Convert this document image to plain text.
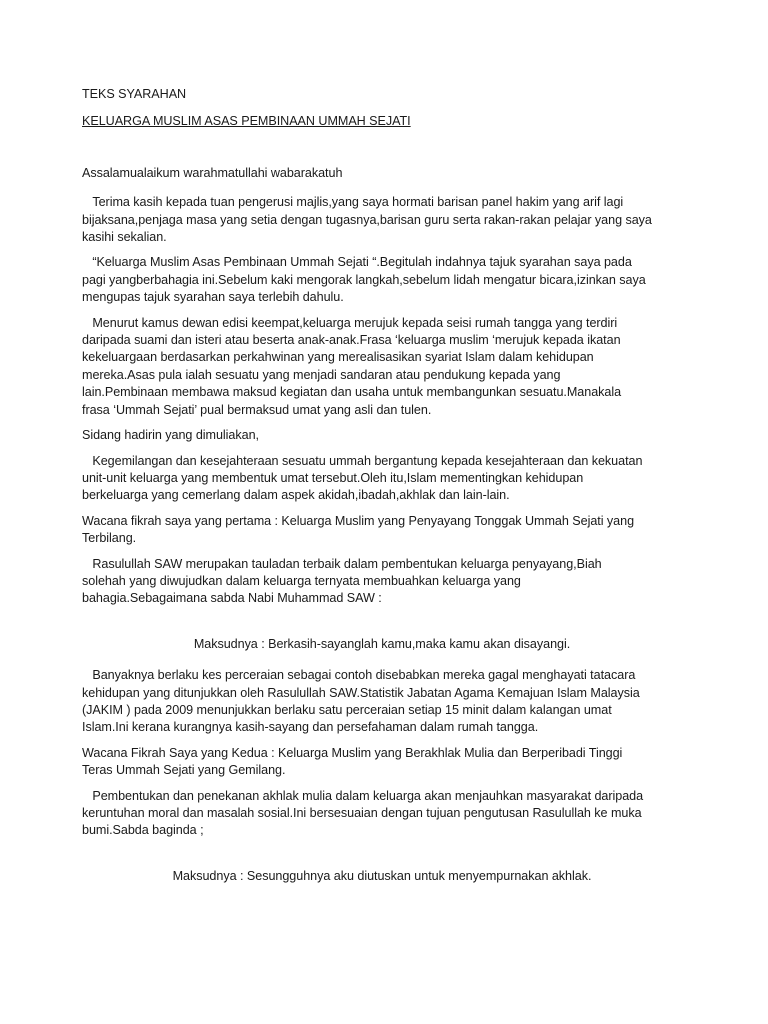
TEKS SYARAHAN

KELUARGA MUSLIM ASAS PEMBINAAN UMMAH SEJATI

Assalamualaikum warahmatullahi wabarakatuh

Terima kasih kepada tuan pengerusi majlis,yang saya hormati barisan panel hakim yang arif lagi
bijaksana,penjaga masa yang setia dengan tugasnya,barisan guru serta rakan-rakan pelajar yang saya
kasihi sekalian.

“Keluarga Muslim Asas Pembinaan Ummah Sejati “.Begitulah indahnya tajuk syarahan saya pada
pagi yangberbahagia ini.Sebelum kaki mengorak langkah,sebelum lidah mengatur bicara,izinkan saya
mengupas tajuk syarahan saya terlebih dahulu.

Menurut kamus dewan edisi keempat,keluarga merujuk kepada seisi rumah tangga yang terdiri
daripada suami dan isteri atau beserta anak-anak.Frasa ‘keluarga muslim ‘merujuk kepada ikatan
kekeluargaan berdasarkan perkahwinan yang merealisasikan syariat Islam dalam kehidupan
mereka.Asas pula ialah sesuatu yang menjadi sandaran atau pendukung kepada yang
lain.Pembinaan membawa maksud kegiatan dan usaha untuk membangunkan sesuatu.Manakala
frasa ‘Ummah Sejati’ pual bermaksud umat yang asli dan tulen.

Sidang hadirin yang dimuliakan,

Kegemilangan dan kesejahteraan sesuatu ummah bergantung kepada kesejahteraan dan kekuatan
unit-unit keluarga yang membentuk umat tersebut.Oleh itu,Islam mementingkan kehidupan
berkeluarga yang cemerlang dalam aspek akidah,ibadah,akhlak dan lain-lain.

Wacana fikrah saya yang pertama : Keluarga Muslim yang Penyayang Tonggak Ummah Sejati yang
Terbilang.

Rasulullah SAW merupakan tauladan terbaik dalam pembentukan keluarga penyayang,Biah
solehah yang diwujudkan dalam keluarga ternyata membuahkan keluarga yang
bahagia.Sebagaimana sabda Nabi Muhammad SAW :

Maksudnya : Berkasih-sayanglah kamu,maka kamu akan disayangi.

Banyaknya berlaku kes perceraian sebagai contoh disebabkan mereka gagal menghayati tatacara
kehidupan yang ditunjukkan oleh Rasulullah SAW.Statistik Jabatan Agama Kemajuan Islam Malaysia
(JAKIM ) pada 2009 menunjukkan berlaku satu perceraian setiap 15 minit dalam kalangan umat
Islam.Ini kerana kurangnya kasih-sayang dan persefahaman dalam rumah tangga.

Wacana Fikrah Saya yang Kedua : Keluarga Muslim yang Berakhlak Mulia dan Berperibadi Tinggi
Teras Ummah Sejati yang Gemilang.

Pembentukan dan penekanan akhlak mulia dalam keluarga akan menjauhkan masyarakat daripada
keruntuhan moral dan masalah sosial.Ini bersesuaian dengan tujuan pengutusan Rasulullah ke muka
bumi.Sabda baginda ;

Maksudnya : Sesungguhnya aku diutuskan untuk menyempurnakan akhlak.
